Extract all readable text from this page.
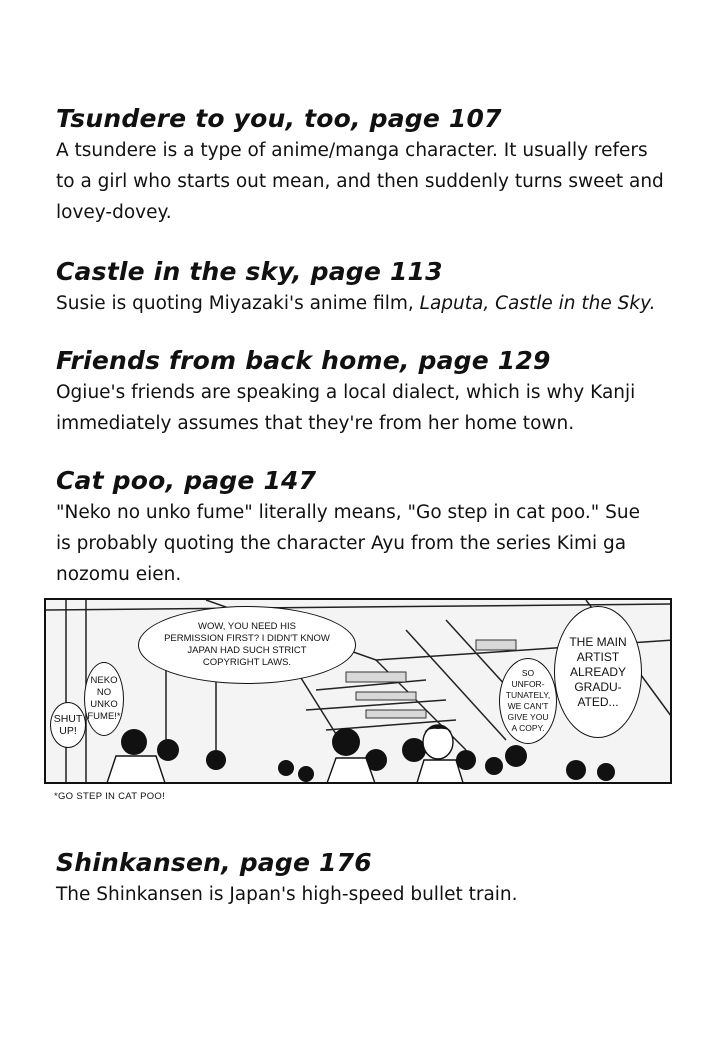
Tsundere to you, too, page 107

A tsundere is a type of anime/manga character. It usually refers

to a girl who starts out mean, and then suddenly turns sweet and

lovey-dovey.

Castle in the sky, page 113

Susie is quoting Miyazaki's anime film, Laputa, Castle in the Sky.

Friends from back home, page 129

Ogiue's friends are speaking a local dialect, which is why Kanji

immediately assumes that they're from her home town.

Cat poo, page 147

"Neko no unko fume" literally means, "Go step in cat poo." Sue

is probably quoting the character Ayu from the series Kimi ga

nozomu eien.

WOW, YOU NEED HIS
PERMISSION FIRST? I DIDN'T KNOW
JAPAN HAD SUCH STRICT
COPYRIGHT LAWS.
NEKO
NO
UNKO
FUME!*
SHUT
UP!
SO
UNFOR-
TUNATELY,
WE CAN'T
GIVE YOU
A COPY.
THE MAIN
ARTIST
ALREADY
GRADU-
ATED...
*GO STEP IN CAT POO!

Shinkansen, page 176

The Shinkansen is Japan's high-speed bullet train.
